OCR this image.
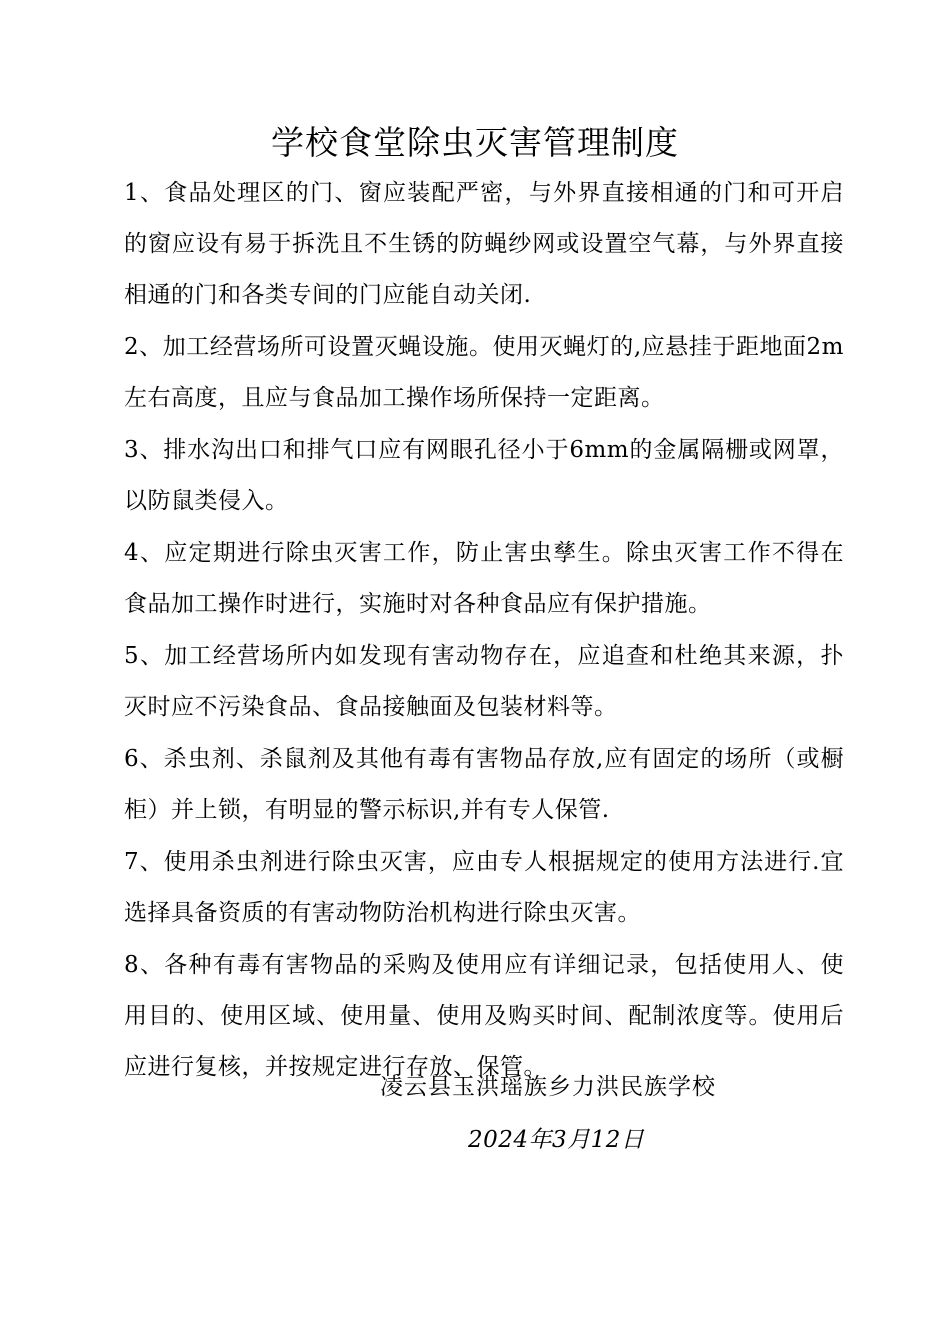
学校食堂除虫灭害管理制度

1、食品处理区的门、窗应装配严密，与外界直接相通的门和可开启的窗应设有易于拆洗且不生锈的防蝇纱网或设置空气幕，与外界直接相通的门和各类专间的门应能自动关闭.

2、加工经营场所可设置灭蝇设施。使用灭蝇灯的,应悬挂于距地面2m左右高度，且应与食品加工操作场所保持一定距离。

3、排水沟出口和排气口应有网眼孔径小于6mm的金属隔栅或网罩，以防鼠类侵入。

4、应定期进行除虫灭害工作，防止害虫孳生。除虫灭害工作不得在食品加工操作时进行，实施时对各种食品应有保护措施。

5、加工经营场所内如发现有害动物存在，应追查和杜绝其来源，扑灭时应不污染食品、食品接触面及包装材料等。

6、杀虫剂、杀鼠剂及其他有毒有害物品存放,应有固定的场所（或橱柜）并上锁，有明显的警示标识,并有专人保管.

7、使用杀虫剂进行除虫灭害，应由专人根据规定的使用方法进行.宜选择具备资质的有害动物防治机构进行除虫灭害。

8、各种有毒有害物品的采购及使用应有详细记录，包括使用人、使用目的、使用区域、使用量、使用及购买时间、配制浓度等。使用后应进行复核，并按规定进行存放、保管。

凌云县玉洪瑶族乡力洪民族学校
2024年3月12日
